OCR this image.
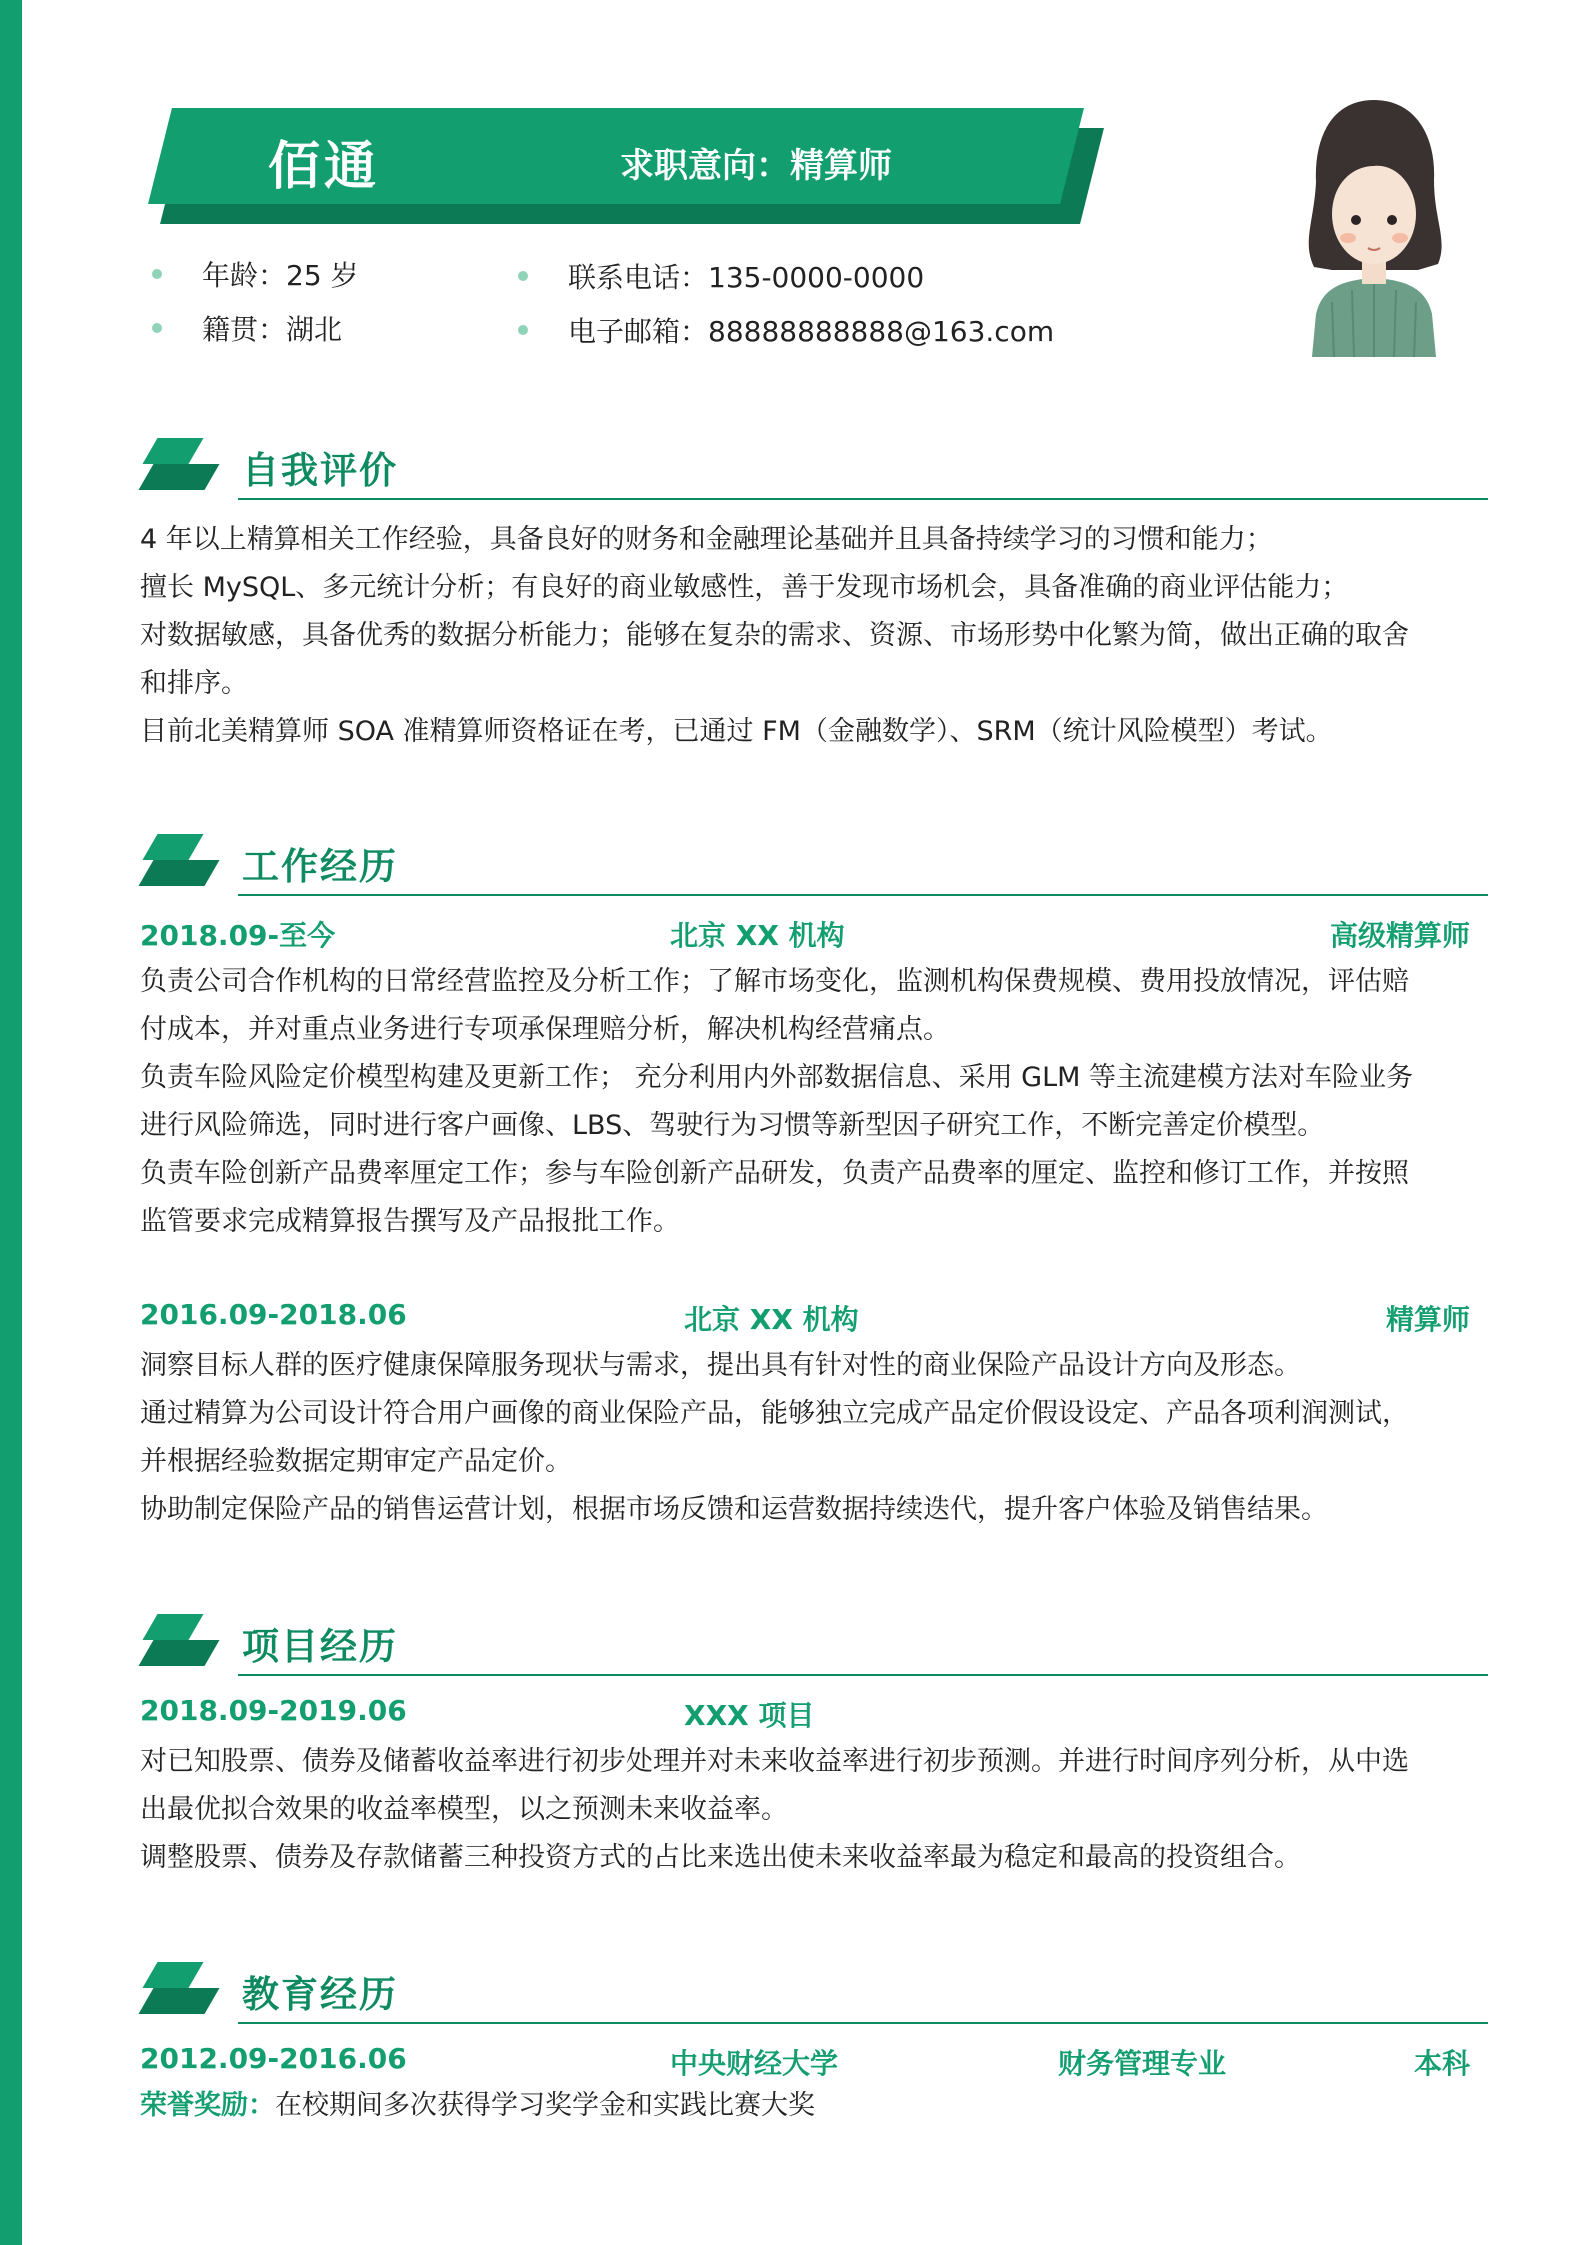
佰通	求职意向：精算师
年龄：25 岁
籍贯：湖北
联系电话：135-0000-0000
电子邮箱：88888888888@163.com
自我评价

4 年以上精算相关工作经验，具备良好的财务和金融理论基础并且具备持续学习的习惯和能力；

擅长 MySQL、多元统计分析；有良好的商业敏感性，善于发现市场机会，具备准确的商业评估能力；

对数据敏感，具备优秀的数据分析能力；能够在复杂的需求、资源、市场形势中化繁为简，做出正确的取舍

和排序。

目前北美精算师 SOA 准精算师资格证在考，已通过 FM（金融数学）、SRM（统计风险模型）考试。

工作经历
2018.09-至今	北京 XX 机构	高级精算师

负责公司合作机构的日常经营监控及分析工作；了解市场变化，监测机构保费规模、费用投放情况，评估赔

付成本，并对重点业务进行专项承保理赔分析，解决机构经营痛点。

负责车险风险定价模型构建及更新工作； 充分利用内外部数据信息、采用 GLM 等主流建模方法对车险业务

进行风险筛选，同时进行客户画像、LBS、驾驶行为习惯等新型因子研究工作，不断完善定价模型。

负责车险创新产品费率厘定工作；参与车险创新产品研发，负责产品费率的厘定、监控和修订工作，并按照

监管要求完成精算报告撰写及产品报批工作。

2016.09-2018.06	北京 XX 机构	精算师

洞察目标人群的医疗健康保障服务现状与需求，提出具有针对性的商业保险产品设计方向及形态。

通过精算为公司设计符合用户画像的商业保险产品，能够独立完成产品定价假设设定、产品各项利润测试，

并根据经验数据定期审定产品定价。

协助制定保险产品的销售运营计划，根据市场反馈和运营数据持续迭代，提升客户体验及销售结果。

项目经历
2018.09-2019.06	XXX 项目

对已知股票、债券及储蓄收益率进行初步处理并对未来收益率进行初步预测。并进行时间序列分析，从中选

出最优拟合效果的收益率模型，以之预测未来收益率。

调整股票、债券及存款储蓄三种投资方式的占比来选出使未来收益率最为稳定和最高的投资组合。

教育经历
2012.09-2016.06	中央财经大学	财务管理专业	本科

荣誉奖励：在校期间多次获得学习奖学金和实践比赛大奖
